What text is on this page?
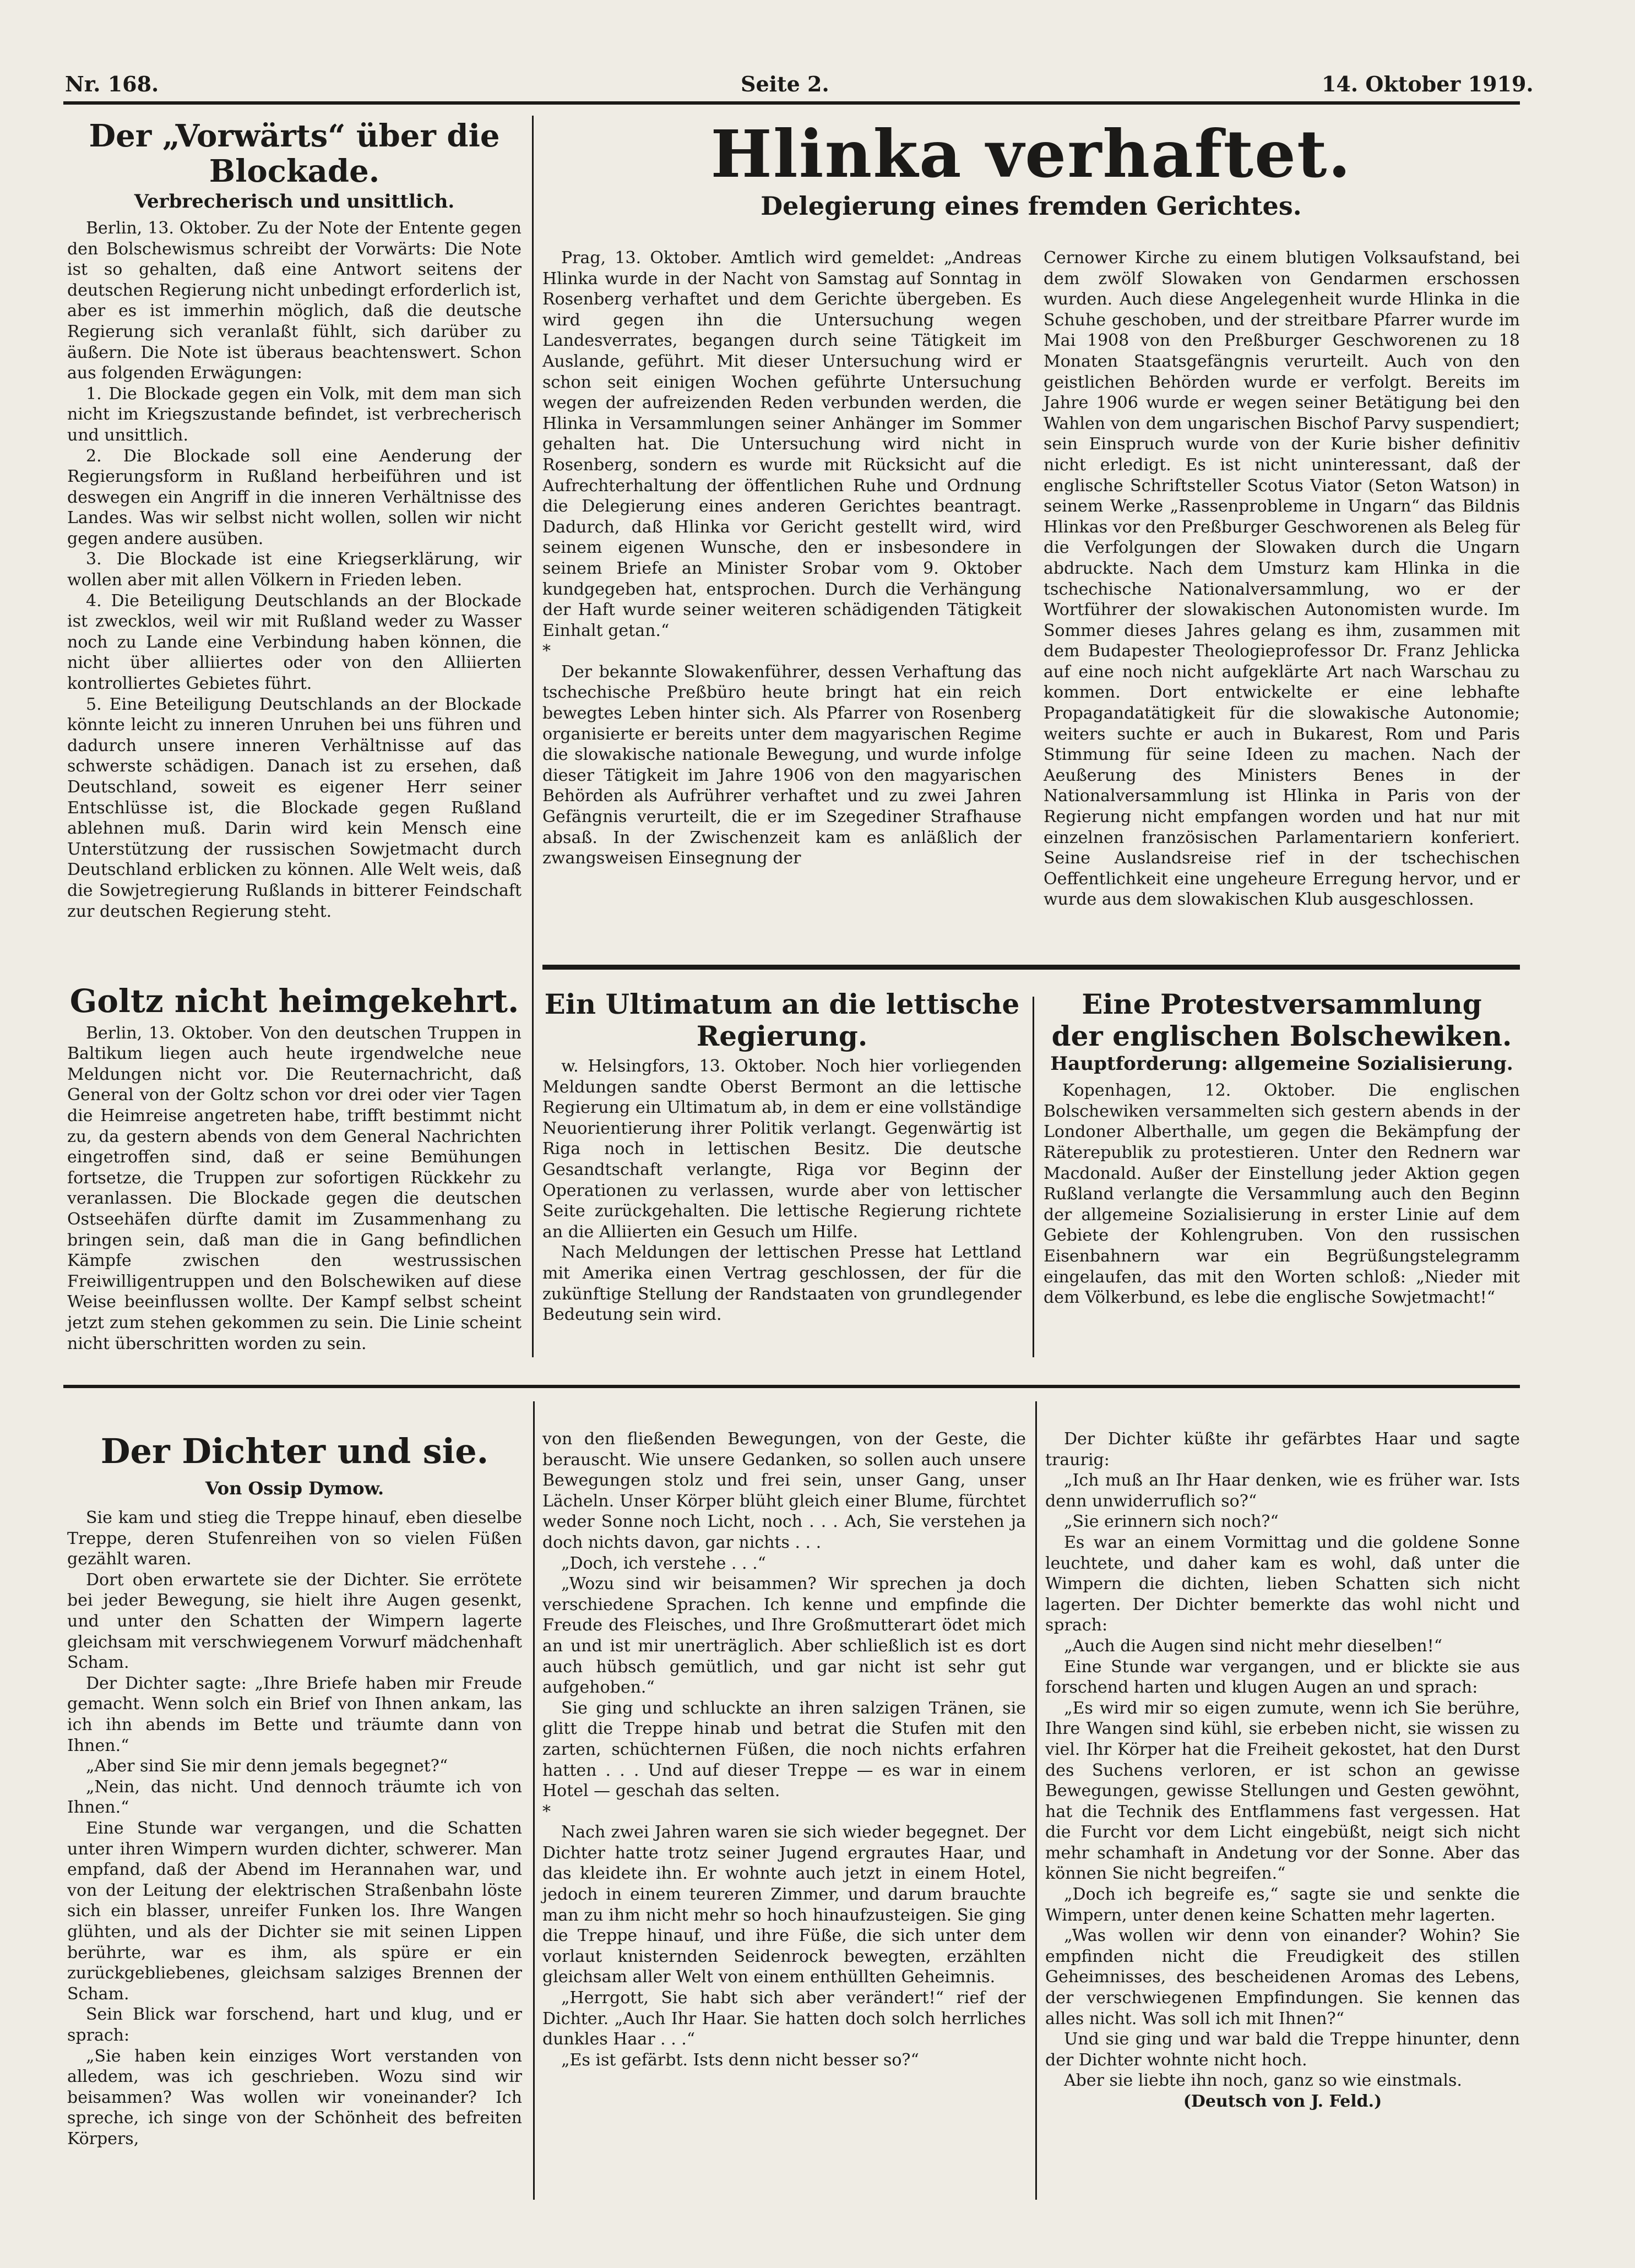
Nr. 168.	Seite 2.	14. Oktober 1919.
Der „Vorwärts“ über die Blockade.
Verbrecherisch und unsittlich.

Berlin, 13. Oktober. Zu der Note der Entente gegen den Bolschewismus schreibt der Vorwärts: Die Note ist so gehalten, daß eine Antwort seitens der deutschen Regierung nicht unbedingt erforderlich ist, aber es ist immerhin möglich, daß die deutsche Regierung sich veranlaßt fühlt, sich darüber zu äußern. Die Note ist überaus beachtenswert. Schon aus folgenden Erwägungen:

1. Die Blockade gegen ein Volk, mit dem man sich nicht im Kriegszustande befindet, ist verbrecherisch und unsittlich.

2. Die Blockade soll eine Aenderung der Regierungsform in Rußland herbeiführen und ist deswegen ein Angriff in die inneren Verhältnisse des Landes. Was wir selbst nicht wollen, sollen wir nicht gegen andere ausüben.

3. Die Blockade ist eine Kriegserklärung, wir wollen aber mit allen Völkern in Frieden leben.

4. Die Beteiligung Deutschlands an der Blockade ist zwecklos, weil wir mit Rußland weder zu Wasser noch zu Lande eine Verbindung haben können, die nicht über alliiertes oder von den Alliierten kontrolliertes Gebietes führt.

5. Eine Beteiligung Deutschlands an der Blockade könnte leicht zu inneren Unruhen bei uns führen und dadurch unsere inneren Verhältnisse auf das schwerste schädigen. Danach ist zu ersehen, daß Deutschland, soweit es eigener Herr seiner Entschlüsse ist, die Blockade gegen Rußland ablehnen muß. Darin wird kein Mensch eine Unterstützung der russischen Sowjetmacht durch Deutschland erblicken zu können. Alle Welt weis, daß die Sowjetregierung Rußlands in bitterer Feindschaft zur deutschen Regierung steht.

Goltz nicht heimgekehrt.

Berlin, 13. Oktober. Von den deutschen Truppen in Baltikum liegen auch heute irgendwelche neue Meldungen nicht vor. Die Reuternachricht, daß General von der Goltz schon vor drei oder vier Tagen die Heimreise angetreten habe, trifft bestimmt nicht zu, da gestern abends von dem General Nachrichten eingetroffen sind, daß er seine Bemühungen fortsetze, die Truppen zur sofortigen Rückkehr zu veranlassen. Die Blockade gegen die deutschen Ostseehäfen dürfte damit im Zusammenhang zu bringen sein, daß man die in Gang befindlichen Kämpfe zwischen den westrussischen Freiwilligentruppen und den Bolschewiken auf diese Weise beeinflussen wollte. Der Kampf selbst scheint jetzt zum stehen gekommen zu sein. Die Linie scheint nicht überschritten worden zu sein.

Hlinka verhaftet.
Delegierung eines fremden Gerichtes.

Prag, 13. Oktober. Amtlich wird gemeldet: „Andreas Hlinka wurde in der Nacht von Samstag auf Sonntag in Rosenberg verhaftet und dem Gerichte übergeben. Es wird gegen ihn die Untersuchung wegen Landesverrates, begangen durch seine Tätigkeit im Auslande, geführt. Mit dieser Untersuchung wird er schon seit einigen Wochen geführte Untersuchung wegen der aufreizenden Reden verbunden werden, die Hlinka in Versammlungen seiner Anhänger im Sommer gehalten hat. Die Untersuchung wird nicht in Rosenberg, sondern es wurde mit Rücksicht auf die Aufrechterhaltung der öffentlichen Ruhe und Ordnung die Delegierung eines anderen Gerichtes beantragt. Dadurch, daß Hlinka vor Gericht gestellt wird, wird seinem eigenen Wunsche, den er insbesondere in seinem Briefe an Minister Srobar vom 9. Oktober kundgegeben hat, entsprochen. Durch die Verhängung der Haft wurde seiner weiteren schädigenden Tätigkeit Einhalt getan.“

*

Der bekannte Slowakenführer, dessen Verhaftung das tschechische Preßbüro heute bringt hat ein reich bewegtes Leben hinter sich. Als Pfarrer von Rosenberg organisierte er bereits unter dem magyarischen Regime die slowakische nationale Bewegung, und wurde infolge dieser Tätigkeit im Jahre 1906 von den magyarischen Behörden als Aufrührer verhaftet und zu zwei Jahren Gefängnis verurteilt, die er im Szegediner Strafhause absaß. In der Zwischenzeit kam es anläßlich der zwangsweisen Einsegnung der

Cernower Kirche zu einem blutigen Volksaufstand, bei dem zwölf Slowaken von Gendarmen erschossen wurden. Auch diese Angelegenheit wurde Hlinka in die Schuhe geschoben, und der streitbare Pfarrer wurde im Mai 1908 von den Preßburger Geschworenen zu 18 Monaten Staatsgefängnis verurteilt. Auch von den geistlichen Behörden wurde er verfolgt. Bereits im Jahre 1906 wurde er wegen seiner Betätigung bei den Wahlen von dem ungarischen Bischof Parvy suspendiert; sein Einspruch wurde von der Kurie bisher definitiv nicht erledigt. Es ist nicht uninteressant, daß der englische Schriftsteller Scotus Viator (Seton Watson) in seinem Werke „Rassenprobleme in Ungarn“ das Bildnis Hlinkas vor den Preßburger Geschworenen als Beleg für die Verfolgungen der Slowaken durch die Ungarn abdruckte. Nach dem Umsturz kam Hlinka in die tschechische Nationalversammlung, wo er der Wortführer der slowakischen Autonomisten wurde. Im Sommer dieses Jahres gelang es ihm, zusammen mit dem Budapester Theologieprofessor Dr. Franz Jehlicka auf eine noch nicht aufgeklärte Art nach Warschau zu kommen. Dort entwickelte er eine lebhafte Propagandatätigkeit für die slowakische Autonomie; weiters suchte er auch in Bukarest, Rom und Paris Stimmung für seine Ideen zu machen. Nach der Aeußerung des Ministers Benes in der Nationalversammlung ist Hlinka in Paris von der Regierung nicht empfangen worden und hat nur mit einzelnen französischen Parlamentariern konferiert. Seine Auslandsreise rief in der tschechischen Oeffentlichkeit eine ungeheure Erregung hervor, und er wurde aus dem slowakischen Klub ausgeschlossen.

Ein Ultimatum an die lettische Regierung.

w. Helsingfors, 13. Oktober. Noch hier vorliegenden Meldungen sandte Oberst Bermont an die lettische Regierung ein Ultimatum ab, in dem er eine vollständige Neuorientierung ihrer Politik verlangt. Gegenwärtig ist Riga noch in lettischen Besitz. Die deutsche Gesandtschaft verlangte, Riga vor Beginn der Operationen zu verlassen, wurde aber von lettischer Seite zurückgehalten. Die lettische Regierung richtete an die Alliierten ein Gesuch um Hilfe.

Nach Meldungen der lettischen Presse hat Lettland mit Amerika einen Vertrag geschlossen, der für die zukünftige Stellung der Randstaaten von grundlegender Bedeutung sein wird.

Eine Protestversammlung
der englischen Bolschewiken.
Hauptforderung: allgemeine Sozialisierung.

Kopenhagen, 12. Oktober. Die englischen Bolschewiken versammelten sich gestern abends in der Londoner Alberthalle, um gegen die Bekämpfung der Räterepublik zu protestieren. Unter den Rednern war Macdonald. Außer der Einstellung jeder Aktion gegen Rußland verlangte die Versammlung auch den Beginn der allgemeine Sozialisierung in erster Linie auf dem Gebiete der Kohlengruben. Von den russischen Eisenbahnern war ein Begrüßungstelegramm eingelaufen, das mit den Worten schloß: „Nieder mit dem Völkerbund, es lebe die englische Sowjetmacht!“

Der Dichter und sie.
Von Ossip Dymow.

Sie kam und stieg die Treppe hinauf, eben dieselbe Treppe, deren Stufenreihen von so vielen Füßen gezählt waren.

Dort oben erwartete sie der Dichter. Sie errötete bei jeder Bewegung, sie hielt ihre Augen gesenkt, und unter den Schatten der Wimpern lagerte gleichsam mit verschwiegenem Vorwurf mädchenhaft Scham.

Der Dichter sagte: „Ihre Briefe haben mir Freude gemacht. Wenn solch ein Brief von Ihnen ankam, las ich ihn abends im Bette und träumte dann von Ihnen.“

„Aber sind Sie mir denn jemals begegnet?“

„Nein, das nicht. Und dennoch träumte ich von Ihnen.“

Eine Stunde war vergangen, und die Schatten unter ihren Wimpern wurden dichter, schwerer. Man empfand, daß der Abend im Herannahen war, und von der Leitung der elektrischen Straßenbahn löste sich ein blasser, unreifer Funken los. Ihre Wangen glühten, und als der Dichter sie mit seinen Lippen berührte, war es ihm, als spüre er ein zurückgebliebenes, gleichsam salziges Brennen der Scham.

Sein Blick war forschend, hart und klug, und er sprach:

„Sie haben kein einziges Wort verstanden von alledem, was ich geschrieben. Wozu sind wir beisammen? Was wollen wir voneinander? Ich spreche, ich singe von der Schönheit des befreiten Körpers,

von den fließenden Bewegungen, von der Geste, die berauscht. Wie unsere Gedanken, so sollen auch unsere Bewegungen stolz und frei sein, unser Gang, unser Lächeln. Unser Körper blüht gleich einer Blume, fürchtet weder Sonne noch Licht, noch . . . Ach, Sie verstehen ja doch nichts davon, gar nichts . . .

„Doch, ich verstehe . . .“

„Wozu sind wir beisammen? Wir sprechen ja doch verschiedene Sprachen. Ich kenne und empfinde die Freude des Fleisches, und Ihre Großmutterart ödet mich an und ist mir unerträglich. Aber schließlich ist es dort auch hübsch gemütlich, und gar nicht ist sehr gut aufgehoben.“

Sie ging und schluckte an ihren salzigen Tränen, sie glitt die Treppe hinab und betrat die Stufen mit den zarten, schüchternen Füßen, die noch nichts erfahren hatten . . . Und auf dieser Treppe — es war in einem Hotel — geschah das selten.

*

Nach zwei Jahren waren sie sich wieder begegnet. Der Dichter hatte trotz seiner Jugend ergrautes Haar, und das kleidete ihn. Er wohnte auch jetzt in einem Hotel, jedoch in einem teureren Zimmer, und darum brauchte man zu ihm nicht mehr so hoch hinaufzusteigen. Sie ging die Treppe hinauf, und ihre Füße, die sich unter dem vorlaut knisternden Seidenrock bewegten, erzählten gleichsam aller Welt von einem enthüllten Geheimnis.

„Herrgott, Sie habt sich aber verändert!“ rief der Dichter. „Auch Ihr Haar. Sie hatten doch solch herrliches dunkles Haar . . .“

„Es ist gefärbt. Ists denn nicht besser so?“

Der Dichter küßte ihr gefärbtes Haar und sagte traurig:

„Ich muß an Ihr Haar denken, wie es früher war. Ists denn unwiderruflich so?“

„Sie erinnern sich noch?“

Es war an einem Vormittag und die goldene Sonne leuchtete, und daher kam es wohl, daß unter die Wimpern die dichten, lieben Schatten sich nicht lagerten. Der Dichter bemerkte das wohl nicht und sprach:

„Auch die Augen sind nicht mehr dieselben!“

Eine Stunde war vergangen, und er blickte sie aus forschend harten und klugen Augen an und sprach:

„Es wird mir so eigen zumute, wenn ich Sie berühre, Ihre Wangen sind kühl, sie erbeben nicht, sie wissen zu viel. Ihr Körper hat die Freiheit gekostet, hat den Durst des Suchens verloren, er ist schon an gewisse Bewegungen, gewisse Stellungen und Gesten gewöhnt, hat die Technik des Entflammens fast vergessen. Hat die Furcht vor dem Licht eingebüßt, neigt sich nicht mehr schamhaft in Andetung vor der Sonne. Aber das können Sie nicht begreifen.“

„Doch ich begreife es,“ sagte sie und senkte die Wimpern, unter denen keine Schatten mehr lagerten.

„Was wollen wir denn von einander? Wohin? Sie empfinden nicht die Freudigkeit des stillen Geheimnisses, des bescheidenen Aromas des Lebens, der verschwiegenen Empfindungen. Sie kennen das alles nicht. Was soll ich mit Ihnen?“

Und sie ging und war bald die Treppe hinunter, denn der Dichter wohnte nicht hoch.

Aber sie liebte ihn noch, ganz so wie einstmals.

(Deutsch von J. Feld.)
